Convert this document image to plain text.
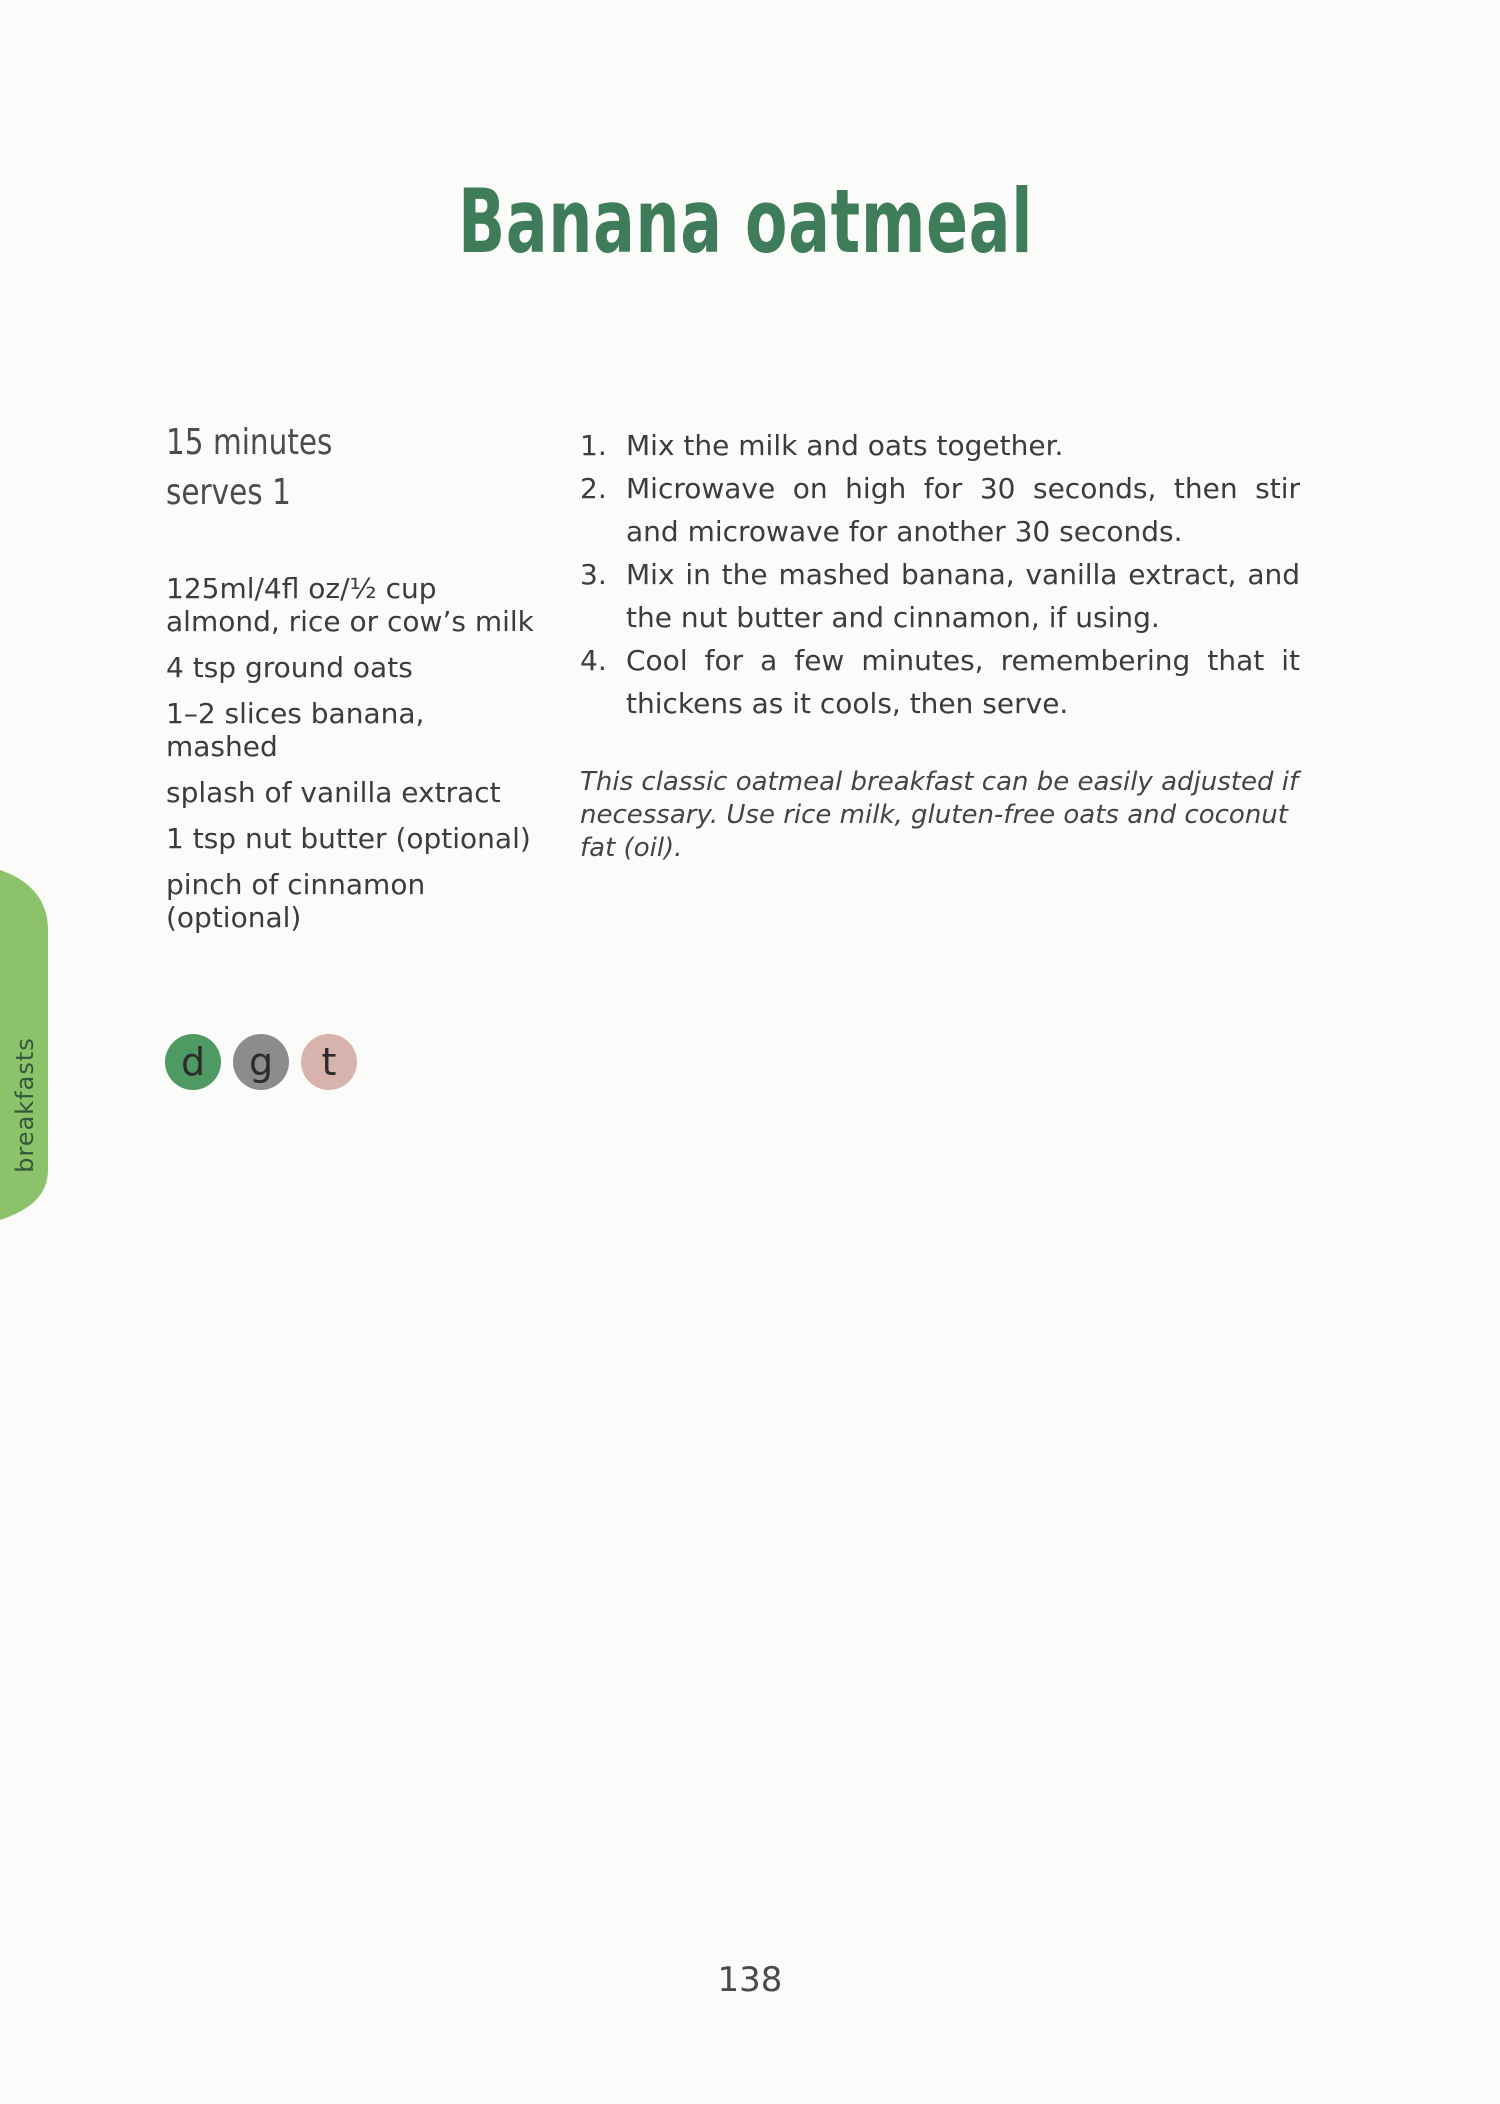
Banana oatmeal
15 minutes
serves 1
125ml/4fl oz/½ cup almond, rice or cow’s milk
4 tsp ground oats
1–2 slices banana, mashed
splash of vanilla extract
1 tsp nut butter (optional)
pinch of cinnamon (optional)
d	g	t
1. Mix the milk and oats together.
2. Microwave on high for 30 seconds, then stir and microwave for another 30 seconds.
3. Mix in the mashed banana, vanilla extract, and the nut butter and cinnamon, if using.
4. Cool for a few minutes, remembering that it thickens as it cools, then serve.
This classic oatmeal breakfast can be easily adjusted if necessary. Use rice milk, gluten-free oats and coconut fat (oil).
breakfasts
138
